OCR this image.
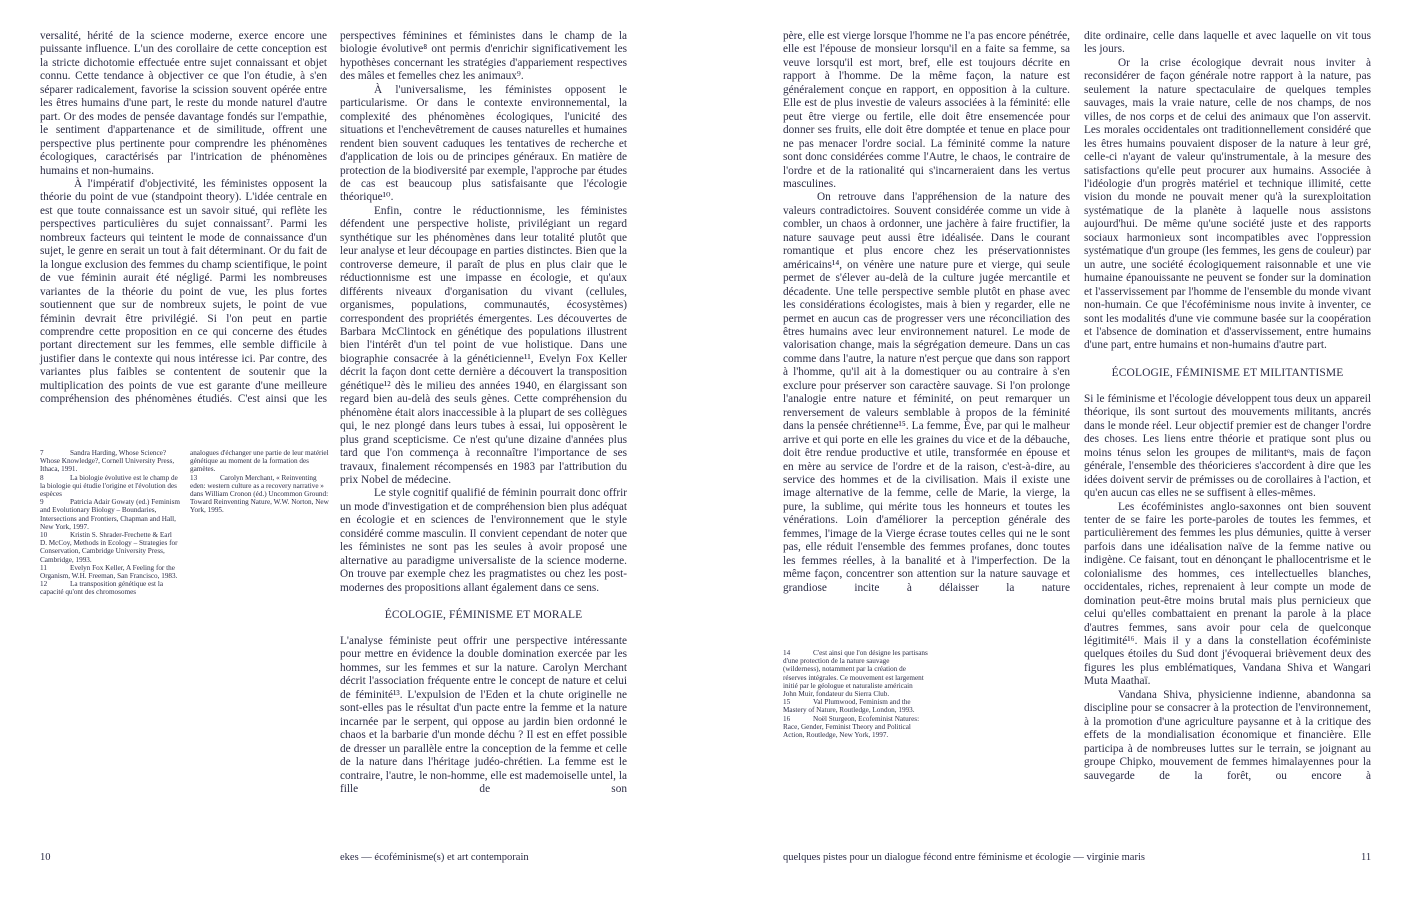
versalité, hérité de la science moderne, exerce encore une puissante influence. L'un des corollaire de cette conception est la stricte dichotomie effectuée entre sujet connaissant et objet connu. Cette tendance à objectiver ce que l'on étudie, à s'en séparer radicalement, favorise la scission souvent opérée entre les êtres humains d'une part, le reste du monde naturel d'autre part. Or des modes de pensée davantage fondés sur l'empathie, le sentiment d'appartenance et de similitude, offrent une perspective plus pertinente pour comprendre les phénomènes écologiques, caractérisés par l'intrication de phénomènes humains et non-humains.

À l'impératif d'objectivité, les féministes opposent la théorie du point de vue (standpoint theory). L'idée centrale en est que toute connaissance est un savoir situé, qui reflète les perspectives particulières du sujet connaissant⁷. Parmi les nombreux facteurs qui teintent le mode de connaissance d'un sujet, le genre en serait un tout à fait déterminant. Or du fait de la longue exclusion des femmes du champ scientifique, le point de vue féminin aurait été négligé. Parmi les nombreuses variantes de la théorie du point de vue, les plus fortes soutiennent que sur de nombreux sujets, le point de vue féminin devrait être privilégié. Si l'on peut en partie comprendre cette proposition en ce qui concerne des études portant directement sur les femmes, elle semble difficile à justifier dans le contexte qui nous intéresse ici. Par contre, des variantes plus faibles se contentent de soutenir que la multiplication des points de vue est garante d'une meilleure compréhension des phénomènes étudiés. C'est ainsi que les

7	Sandra Harding, Whose Science? Whose Knowledge?, Cornell University Press, Ithaca, 1991.

8	La biologie évolutive est le champ de la biologie qui étudie l'origine et l'évolution des espèces

9	Patricia Adair Gowaty (ed.) Feminism and Evolutionary Biology – Boundaries, Intersections and Frontiers, Chapman and Hall, New York, 1997.

10	Kristin S. Shrader-Frechette & Earl D. McCoy, Methods in Ecology – Strategies for Conservation, Cambridge University Press, Cambridge, 1993.

11	Evelyn Fox Keller, A Feeling for the Organism, W.H. Freeman, San Francisco, 1983.

12	La transposition génétique est la capacité qu'ont des chromosomes

analogues d'échanger une partie de leur matériel génétique au moment de la formation des gamètes.

13	Carolyn Merchant, « Reinventing eden: western culture as a recovery narrative » dans William Cronon (éd.) Uncommon Ground: Toward Reinventing Nature, W.W. Norton, New York, 1995.

perspectives féminines et féministes dans le champ de la biologie évolutive⁸ ont permis d'enrichir significativement les hypothèses concernant les stratégies d'appariement respectives des mâles et femelles chez les animaux⁹.

À l'universalisme, les féministes opposent le particularisme. Or dans le contexte environnemental, la complexité des phénomènes écologiques, l'unicité des situations et l'enchevêtrement de causes naturelles et humaines rendent bien souvent caduques les tentatives de recherche et d'application de lois ou de principes généraux. En matière de protection de la biodiversité par exemple, l'approche par études de cas est beaucoup plus satisfaisante que l'écologie théorique¹⁰.

Enfin, contre le réductionnisme, les féministes défendent une perspective holiste, privilégiant un regard synthétique sur les phénomènes dans leur totalité plutôt que leur analyse et leur découpage en parties distinctes. Bien que la controverse demeure, il paraît de plus en plus clair que le réductionnisme est une impasse en écologie, et qu'aux différents niveaux d'organisation du vivant (cellules, organismes, populations, communautés, écosystèmes) correspondent des propriétés émergentes. Les découvertes de Barbara McClintock en génétique des populations illustrent bien l'intérêt d'un tel point de vue holistique. Dans une biographie consacrée à la généticienne¹¹, Evelyn Fox Keller décrit la façon dont cette dernière a découvert la transposition génétique¹² dès le milieu des années 1940, en élargissant son regard bien au-delà des seuls gènes. Cette compréhension du phénomène était alors inaccessible à la plupart de ses collègues qui, le nez plongé dans leurs tubes à essai, lui opposèrent le plus grand scepticisme. Ce n'est qu'une dizaine d'années plus tard que l'on commença à reconnaître l'importance de ses travaux, finalement récompensés en 1983 par l'attribution du prix Nobel de médecine.

Le style cognitif qualifié de féminin pourrait donc offrir un mode d'investigation et de compréhension bien plus adéquat en écologie et en sciences de l'environnement que le style considéré comme masculin. Il convient cependant de noter que les féministes ne sont pas les seules à avoir proposé une alternative au paradigme universaliste de la science moderne. On trouve par exemple chez les pragmatistes ou chez les post-modernes des propositions allant également dans ce sens.

ÉCOLOGIE, FÉMINISME ET MORALE

L'analyse féministe peut offrir une perspective intéressante pour mettre en évidence la double domination exercée par les hommes, sur les femmes et sur la nature. Carolyn Merchant décrit l'association fréquente entre le concept de nature et celui de féminité¹³. L'expulsion de l'Eden et la chute originelle ne sont-elles pas le résultat d'un pacte entre la femme et la nature incarnée par le serpent, qui oppose au jardin bien ordonné le chaos et la barbarie d'un monde déchu ? Il est en effet possible de dresser un parallèle entre la conception de la femme et celle de la nature dans l'héritage judéo-chrétien. La femme est le contraire, l'autre, le non-homme, elle est mademoiselle untel, la fille de son

10	ekes — écoféminisme(s) et art contemporain

père, elle est vierge lorsque l'homme ne l'a pas encore pénétrée, elle est l'épouse de monsieur lorsqu'il en a faite sa femme, sa veuve lorsqu'il est mort, bref, elle est toujours décrite en rapport à l'homme. De la même façon, la nature est généralement conçue en rapport, en opposition à la culture. Elle est de plus investie de valeurs associées à la féminité: elle peut être vierge ou fertile, elle doit être ensemencée pour donner ses fruits, elle doit être domptée et tenue en place pour ne pas menacer l'ordre social. La féminité comme la nature sont donc considérées comme l'Autre, le chaos, le contraire de l'ordre et de la rationalité qui s'incarneraient dans les vertus masculines.

On retrouve dans l'appréhension de la nature des valeurs contradictoires. Souvent considérée comme un vide à combler, un chaos à ordonner, une jachère à faire fructifier, la nature sauvage peut aussi être idéalisée. Dans le courant romantique et plus encore chez les préservationnistes américains¹⁴, on vénère une nature pure et vierge, qui seule permet de s'élever au-delà de la culture jugée mercantile et décadente. Une telle perspective semble plutôt en phase avec les considérations écologistes, mais à bien y regarder, elle ne permet en aucun cas de progresser vers une réconciliation des êtres humains avec leur environnement naturel. Le mode de valorisation change, mais la ségrégation demeure. Dans un cas comme dans l'autre, la nature n'est perçue que dans son rapport à l'homme, qu'il ait à la domestiquer ou au contraire à s'en exclure pour préserver son caractère sauvage. Si l'on prolonge l'analogie entre nature et féminité, on peut remarquer un renversement de valeurs semblable à propos de la féminité dans la pensée chrétienne¹⁵. La femme, Ève, par qui le malheur arrive et qui porte en elle les graines du vice et de la débauche, doit être rendue productive et utile, transformée en épouse et en mère au service de l'ordre et de la raison, c'est-à-dire, au service des hommes et de la civilisation. Mais il existe une image alternative de la femme, celle de Marie, la vierge, la pure, la sublime, qui mérite tous les honneurs et toutes les vénérations. Loin d'améliorer la perception générale des femmes, l'image de la Vierge écrase toutes celles qui ne le sont pas, elle réduit l'ensemble des femmes profanes, donc toutes les femmes réelles, à la banalité et à l'imperfection. De la même façon, concentrer son attention sur la nature sauvage et grandiose incite à délaisser la nature

14	C'est ainsi que l'on désigne les partisans d'une protection de la nature sauvage (wilderness), notamment par la création de réserves intégrales. Ce mouvement est largement initié par le géologue et naturaliste américain John Muir, fondateur du Sierra Club.

15	Val Plumwood, Feminism and the Mastery of Nature, Routledge, London, 1993.

16	Noël Sturgeon, Ecofeminist Natures: Race, Gender, Feminist Theory and Political Action, Routledge, New York, 1997.

dite ordinaire, celle dans laquelle et avec laquelle on vit tous les jours.

Or la crise écologique devrait nous inviter à reconsidérer de façon générale notre rapport à la nature, pas seulement la nature spectaculaire de quelques temples sauvages, mais la vraie nature, celle de nos champs, de nos villes, de nos corps et de celui des animaux que l'on asservit. Les morales occidentales ont traditionnellement considéré que les êtres humains pouvaient disposer de la nature à leur gré, celle-ci n'ayant de valeur qu'instrumentale, à la mesure des satisfactions qu'elle peut procurer aux humains. Associée à l'idéologie d'un progrès matériel et technique illimité, cette vision du monde ne pouvait mener qu'à la surexploitation systématique de la planète à laquelle nous assistons aujourd'hui. De même qu'une société juste et des rapports sociaux harmonieux sont incompatibles avec l'oppression systématique d'un groupe (les femmes, les gens de couleur) par un autre, une société écologiquement raisonnable et une vie humaine épanouissante ne peuvent se fonder sur la domination et l'asservissement par l'homme de l'ensemble du monde vivant non-humain. Ce que l'écoféminisme nous invite à inventer, ce sont les modalités d'une vie commune basée sur la coopération et l'absence de domination et d'asservissement, entre humains d'une part, entre humains et non-humains d'autre part.

ÉCOLOGIE, FÉMINISME ET MILITANTISME

Si le féminisme et l'écologie développent tous deux un appareil théorique, ils sont surtout des mouvements militants, ancrés dans le monde réel. Leur objectif premier est de changer l'ordre des choses. Les liens entre théorie et pratique sont plus ou moins ténus selon les groupes de militantᵉs, mais de façon générale, l'ensemble des théoricieres s'accordent à dire que les idées doivent servir de prémisses ou de corollaires à l'action, et qu'en aucun cas elles ne se suffisent à elles-mêmes.

Les écoféministes anglo-saxonnes ont bien souvent tenter de se faire les porte-paroles de toutes les femmes, et particulièrement des femmes les plus démunies, quitte à verser parfois dans une idéalisation naïve de la femme native ou indigène. Ce faisant, tout en dénonçant le phallocentrisme et le colonialisme des hommes, ces intellectuelles blanches, occidentales, riches, reprenaient à leur compte un mode de domination peut-être moins brutal mais plus pernicieux que celui qu'elles combattaient en prenant la parole à la place d'autres femmes, sans avoir pour cela de quelconque légitimité¹⁶. Mais il y a dans la constellation écoféministe quelques étoiles du Sud dont j'évoquerai brièvement deux des figures les plus emblématiques, Vandana Shiva et Wangari Muta Maathaï.

Vandana Shiva, physicienne indienne, abandonna sa discipline pour se consacrer à la protection de l'environnement, à la promotion d'une agriculture paysanne et à la critique des effets de la mondialisation économique et financière. Elle participa à de nombreuses luttes sur le terrain, se joignant au groupe Chipko, mouvement de femmes himalayennes pour la sauvegarde de la forêt, ou encore à

quelques pistes pour un dialogue fécond entre féminisme et écologie — virginie maris	11
